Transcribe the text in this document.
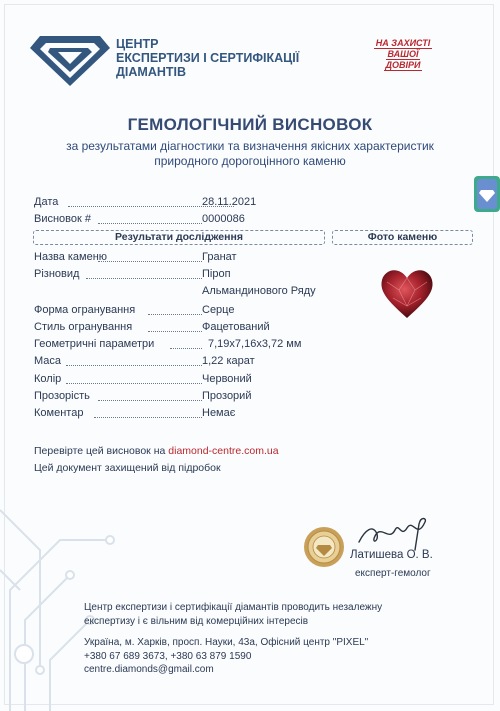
ЦЕНТР
ЕКСПЕРТИЗИ І СЕРТИФІКАЦІЇ
ДІАМАНТІВ
НА ЗАХИСТІ
ВАШОЇ
ДОВІРИ
ГЕМОЛОГІЧНИЙ ВИСНОВОК
за результатами діагностики та визначення якісних характеристик
природного дорогоцінного каменю
Дата	28.11.2021
Висновок #	0000086
Результати дослідження	Фото каменю
Назва каменю	Гранат
Різновид	Піроп
Альмандинового Ряду
Форма огранування	Серце
Стиль огранування	Фацетований
Геометричні параметри	7,19x7,16x3,72 мм
Маса	1,22 карат
Колір	Червоний
Прозорість	Прозорий
Коментар	Немає
Перевірте цей висновок на diamond-centre.com.ua
Цей документ захищений від підробок
Латишева О. В.
експерт-гемолог
Центр експертизи і сертифікації діамантів проводить незалежну
експертизу і є вільним від комерційних інтересів
Україна, м. Харків, просп. Науки, 43а, Офісний центр "PIXEL"
+380 67 689 3673, +380 63 879 1590
centre.diamonds@gmail.com
